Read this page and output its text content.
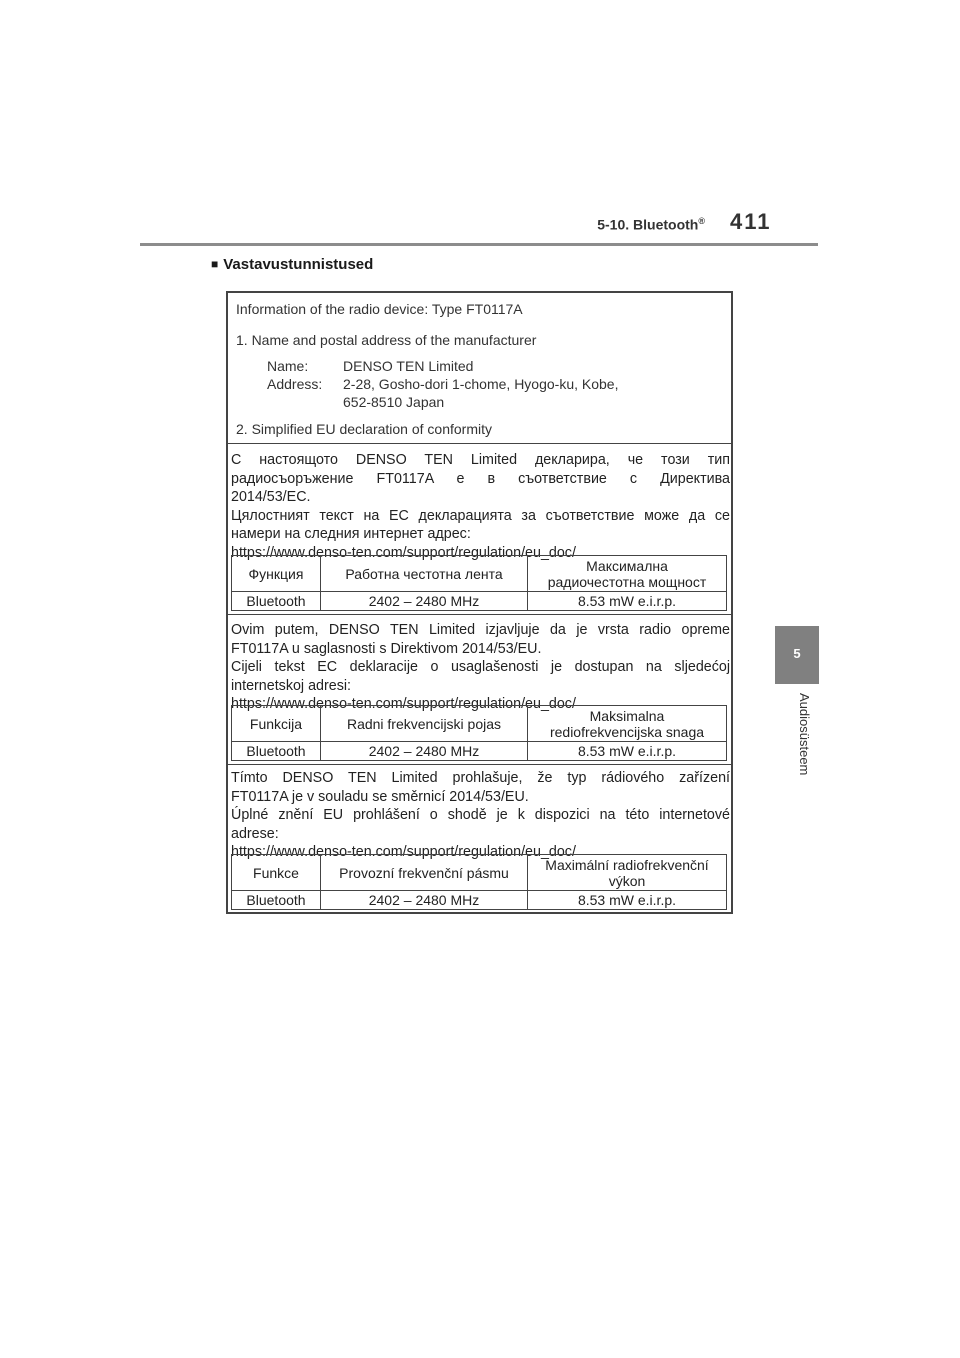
5-10. Bluetooth® 411
5
Audiosüsteem
■ Vastavustunnistused
Information of the radio device: Type FT0117A
1. Name and postal address of the manufacturer
Name:	DENSO TEN Limited
Address:	2-28, Gosho-dori 1-chome, Hyogo-ku, Kobe,
652-8510 Japan
2. Simplified EU declaration of conformity
С настоящото DENSO TEN Limited декларира, че този тип
радиосъоръжение FT0117A е в съответствие с Директива
2014/53/EC.
Цялостният текст на ЕС декларацията за съответствие може да се
намери на следния интернет адрес:
https://www.denso-ten.com/support/regulation/eu_doc/
Функция	Работна честотна лента	Максимална
радиочестотна мощност

Bluetooth	2402 – 2480 MHz	8.53 mW e.i.r.p.
Ovim putem, DENSO TEN Limited izjavljuje da je vrsta radio opreme
FT0117A u saglasnosti s Direktivom 2014/53/EU.
Cijeli tekst EC deklaracije o usaglašenosti je dostupan na sljedećoj
internetskoj adresi:
https://www.denso-ten.com/support/regulation/eu_doc/
Funkcija	Radni frekvencijski pojas	Maksimalna
rediofrekvencijska snaga

Bluetooth	2402 – 2480 MHz	8.53 mW e.i.r.p.
Tímto DENSO TEN Limited prohlašuje, že typ rádiového zařízení
FT0117A je v souladu se směrnicí 2014/53/EU.
Úplné znění EU prohlášení o shodě je k dispozici na této internetové
adrese:
https://www.denso-ten.com/support/regulation/eu_doc/
Funkce	Provozní frekvenční pásmu	Maximální radiofrekvenční
výkon

Bluetooth	2402 – 2480 MHz	8.53 mW e.i.r.p.
